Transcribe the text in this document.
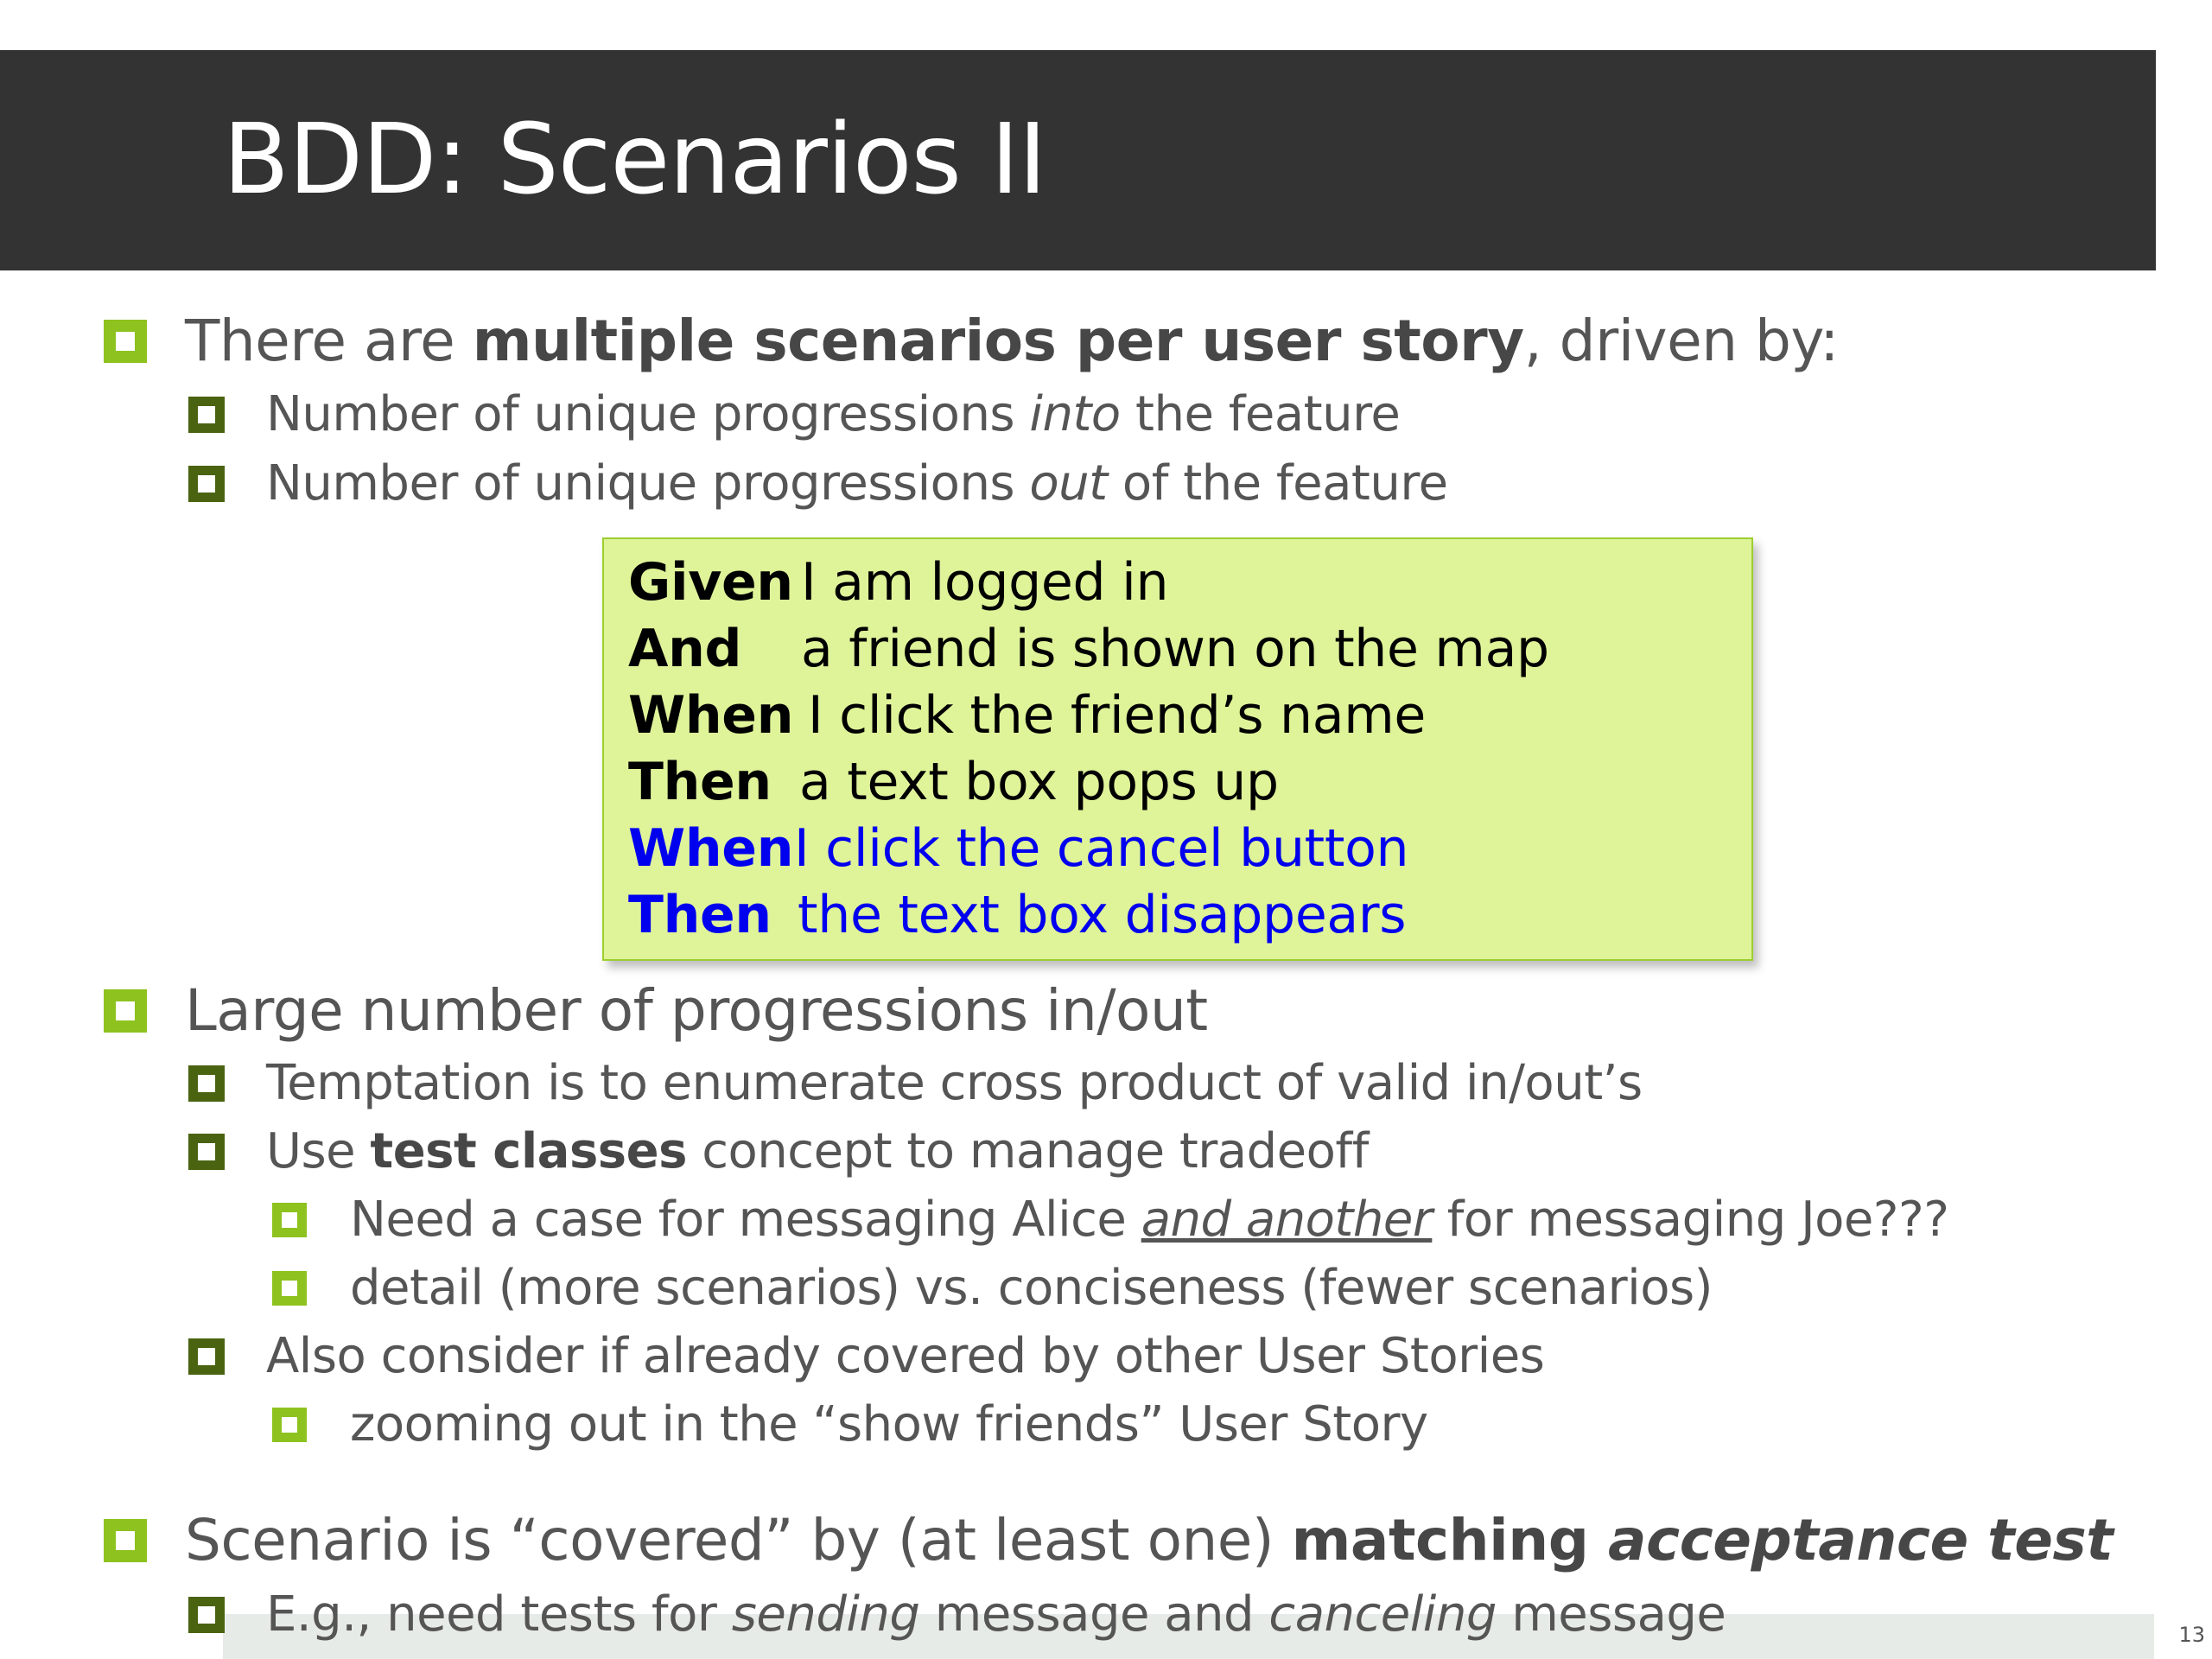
BDD: Scenarios II
There are multiple scenarios per user story, driven by:
Number of unique progressions into the feature
Number of unique progressions out of the feature
Given I am logged in
And a friend is shown on the map
When I click the friend’s name
Then a text box pops up
WhenI click the cancel button
Then the text box disappears
Large number of progressions in/out
Temptation is to enumerate cross product of valid in/out’s
Use test classes concept to manage tradeoff
Need a case for messaging Alice and another for messaging Joe???
detail (more scenarios) vs. conciseness (fewer scenarios)
Also consider if already covered by other User Stories
zooming out in the “show friends” User Story
13
Scenario is “covered” by (at least one) matching acceptance test
E.g., need tests for sending message and canceling message
